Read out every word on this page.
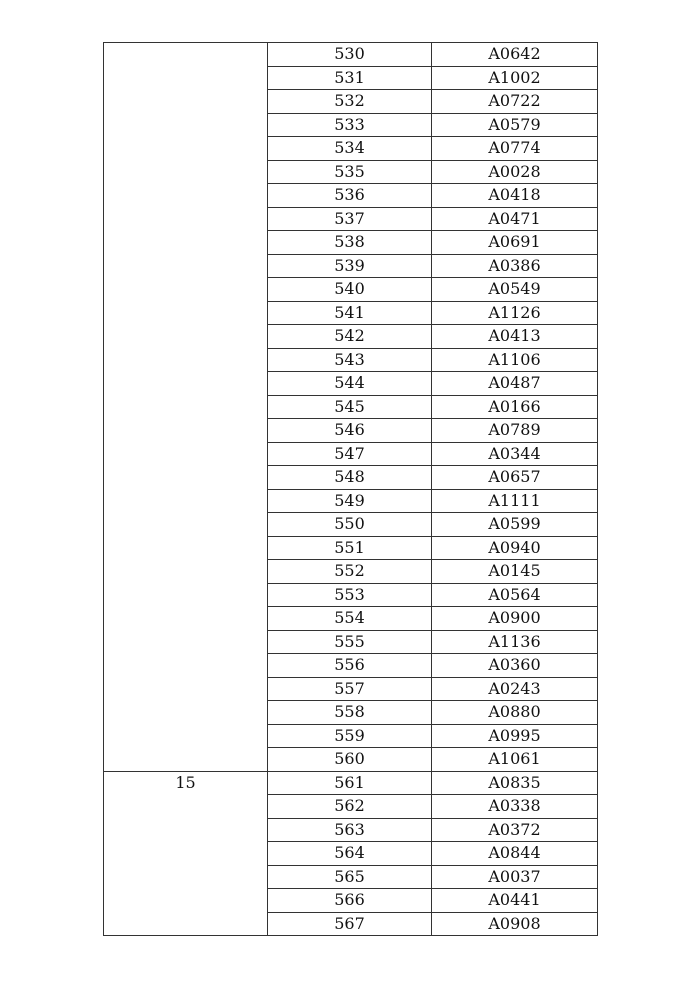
	530	A0642
	531	A1002
	532	A0722
	533	A0579
	534	A0774
	535	A0028
	536	A0418
	537	A0471
	538	A0691
	539	A0386
	540	A0549
	541	A1126
	542	A0413
	543	A1106
	544	A0487
	545	A0166
	546	A0789
	547	A0344
	548	A0657
	549	A1111
	550	A0599
	551	A0940
	552	A0145
	553	A0564
	554	A0900
	555	A1136
	556	A0360
	557	A0243
	558	A0880
	559	A0995
	560	A1061
15	561	A0835
	562	A0338
	563	A0372
	564	A0844
	565	A0037
	566	A0441
	567	A0908
